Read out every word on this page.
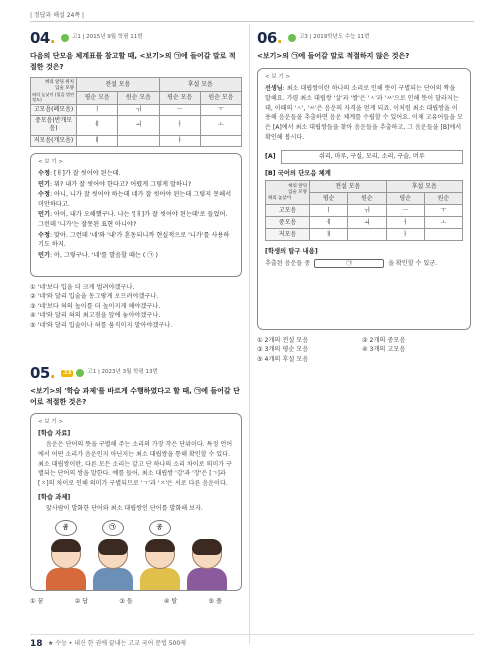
| 정답과 해설 24쪽 |
04.	고1 | 2015년 9월 학평 11번
다음의 단모음 체계표를 참고할 때, <보기>의 ㉠에 들어갈 말로 적절한 것은?
혀의 앞뒤 위치
입술 모양
혀의 높낮이 (입을 벌린 정도)	전설 모음		후설 모음	
	평순 모음	원순 모음	평순 모음	원순 모음
고모음(폐모음)	ㅣ	ㅟ	ㅡ	ㅜ
중모음(반개모음)	ㅔ	ㅚ	ㅓ	ㅗ
저모음(개모음)	ㅐ		ㅏ	
< 보 기 >

수정: [ㅐ]가 잘 씻어야 된는데.

민기: 뭐? 내가 잘 씻어야 한다고? 어렸게 그렇게 말하니?

수정: 아니, 니가 잘 씻어야 하는데 네가 잘 씻어야 된는데 그렇지 못해서 미안하다고.

민기: 아이, 내가 오해했구나. 나는 '[ㅐ]가 잘 씻어야 된는데'로 들었어. 그런데 '니가'는 잘못된 표현 아니야?

수정: 맞아. 그런데 '네'와 '내'가 혼동되니까 현실적으로 '니가'를 사용하기도 하지.

민기: 아, 그렇구나. '네'를 발음할 때는 ( ㉠ )

① '네'보다 입을 더 크게 벌려야겠구나.
② '네'와 달리 입술을 동그랗게 오므려야겠구나.
③ '네'보다 혀의 높이를 더 높이지게 해야겠구나.
④ '네'와 달리 혀의 최고점을 앞에 놓아야겠구나.
⑤ '네'와 달리 입술이나 혀를 움직이지 말아야겠구나.
05.	고3	고1 | 2023년 3월 학평 13번
<보기>의 '학습 과제'를 바르게 수행하였다고 할 때, ㉠에 들어갈 단어로 적절한 것은?
< 보 기 >
[학습 자료]
음운은 단어의 뜻을 구별해 주는 소리의 가장 작은 단위이다. 특정 언어에서 어떤 소리가 음운인지 아닌지는 최소 대립쌍을 통해 확인할 수 있다. 최소 대립쌍이란, 다른 모든 소리는 같고 단 하나의 소리 차이로 의미가 구별되는 단어의 쌍을 말한다. 예를 들어, 최소 대립쌍 '강'과 '장'은 [ㄱ]과 [ㅈ]의 차이로 인해 의미가 구별되므로 'ㄱ'과 'ㅈ'은 서로 다른 음운이다.
[학습 과제]
앞사람이 발화한 단어와 최소 대립쌍인 단어를 발화해 보자.
곰	㉠	공
① 꿈	② 답	③ 돌	④ 탈	⑤ 풀
06.	고3 | 2019학년도 수능 11번
<보기>의 ㉠에 들어갈 말로 적절하지 않은 것은?
< 보 기 >
선생님: 최소 대립쌍이란 하나의 소리로 인해 뜻이 구별되는 단어의 짝을 말해요. 가령 최소 대립쌍 '살'과 '쌀'은 'ㅅ'과 'ㅆ'으로 인해 뜻이 달라지는데, 이때의 'ㅅ', 'ㅆ'은 음운의 자격을 얻게 되죠. 이처럼 최소 대립쌍을 이용해 음운들을 추출하면 음운 체계를 수립할 수 있어요. 이제 고유어들을 모은 [A]에서 최소 대립쌍들을 찾아 음운들을 추출하고, 그 음운들을 [B]에서 확인해 봅시다.
[A]	쉬리, 마루, 구실, 모리, 소리, 구슬, 머루
[B] 국어의 단모음 체계
혀의 앞뒤
입술 모양
혀의 높낮이	전설 모음		후설 모음	
	평순	원순	평순	원순
고모음	ㅣ	ㅟ	ㅡ	ㅜ
중모음	ㅔ	ㅚ	ㅓ	ㅗ
저모음	ㅐ		ㅏ	
[학생의 탐구 내용]
추출된 음운들 중	㉠	을 확인할 수 있군.
① 2개의 전설 모음	② 2개의 중모음
③ 3개의 평순 모음	④ 3개의 고모음
⑤ 4개의 후설 모음
18 ★ 수능 • 내신 한 권에 끝내는 고교 국어 문법 500제
